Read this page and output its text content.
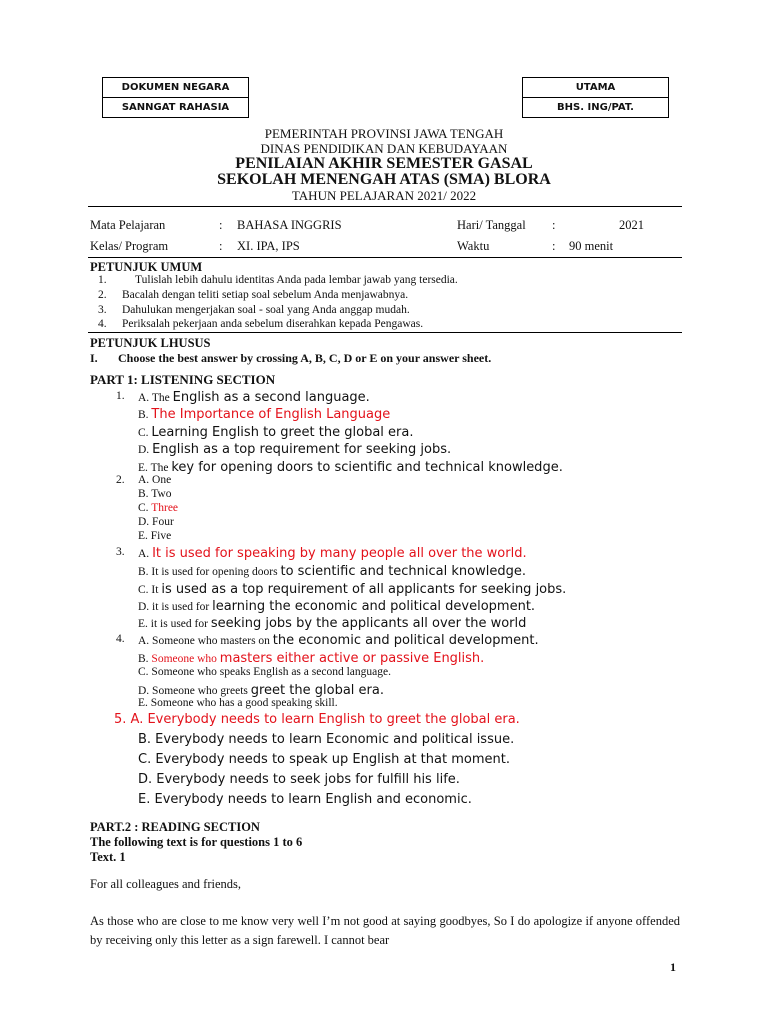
DOKUMEN NEGARA
SANNGAT RAHASIA
UTAMA
BHS. ING/PAT.
PEMERINTAH PROVINSI JAWA TENGAH
DINAS PENDIDIKAN DAN KEBUDAYAAN
PENILAIAN AKHIR SEMESTER GASAL
SEKOLAH MENENGAH ATAS (SMA) BLORA
TAHUN PELAJARAN 2021/ 2022
Mata Pelajaran	: BAHASA INGGRIS	Hari/ Tanggal :	2021
Kelas/ Program	: XI. IPA, IPS	Waktu	: 90 menit
PETUNJUK UMUM
1. Tulislah lebih dahulu identitas Anda pada lembar jawab yang tersedia.
2. Bacalah dengan teliti setiap soal sebelum Anda menjawabnya.
3. Dahulukan mengerjakan soal - soal yang Anda anggap mudah.
4. Periksalah pekerjaan anda sebelum diserahkan kepada Pengawas.
PETUNJUK LHUSUS
I. Choose the best answer by crossing A, B, C, D or E on your answer sheet.
PART 1: LISTENING SECTION
1. A. The English as a second language.
B. The Importance of English Language
C. Learning English to greet the global era.
D. English as a top requirement for seeking jobs.
E. The key for opening doors to scientific and technical knowledge.
2. A. One
B. Two
C. Three
D. Four
E. Five
3. A. It is used for speaking by many people all over the world.
B. It is used for opening doors to scientific and technical knowledge.
C. It is used as a top requirement of all applicants for seeking jobs.
D. it is used for learning the economic and political development.
E. it is used for seeking jobs by the applicants all over the world
4. A. Someone who masters on the economic and political development.
B. Someone who masters either active or passive English.
C. Someone who speaks English as a second language.
D. Someone who greets greet the global era.
E. Someone who has a good speaking skill.
5. A. Everybody needs to learn English to greet the global era.
B. Everybody needs to learn Economic and political issue.
C. Everybody needs to speak up English at that moment.
D. Everybody needs to seek jobs for fulfill his life.
E. Everybody needs to learn English and economic.
PART.2 : READING SECTION
The following text is for questions 1 to 6
Text. 1
For all colleagues and friends,
As those who are close to me know very well I’m not good at saying goodbyes, So I do apologize if anyone offended by receiving only this letter as a sign farewell. I cannot bear
1
